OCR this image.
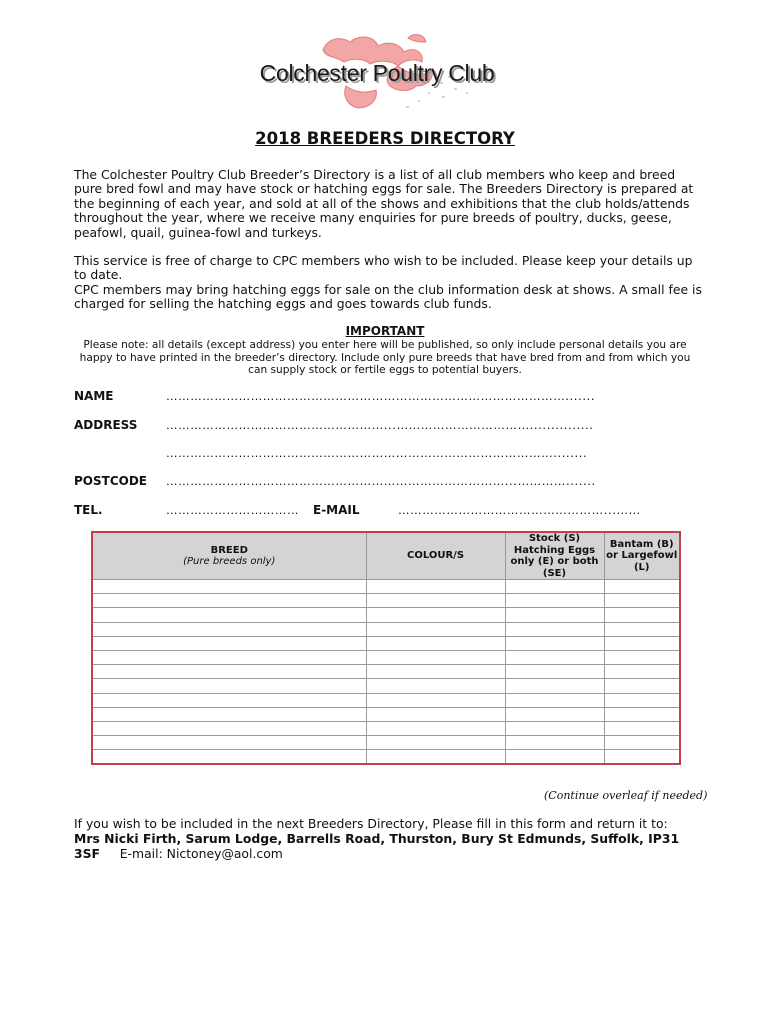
Colchester Poultry Club
2018 BREEDERS DIRECTORY

The Colchester Poultry Club Breeder’s Directory is a list of all club members who keep and breed pure bred fowl and may have stock or hatching eggs for sale. The Breeders Directory is prepared at the beginning of each year, and sold at all of the shows and exhibitions that the club holds/attends throughout the year, where we receive many enquiries for pure breeds of poultry, ducks, geese, peafowl, quail, guinea-fowl and turkeys.

This service is free of charge to CPC members who wish to be included. Please keep your details up to date.

CPC members may bring hatching eggs for sale on the club information desk at shows. A small fee is charged for selling the hatching eggs and goes towards club funds.

IMPORTANT

Please note: all details (except address) you enter here will be published, so only include personal details you are happy to have printed in the breeder’s directory. Include only pure breeds that have bred from and from which you can supply stock or fertile eggs to potential buyers.

NAME	……………………………………………………………………………………….......
ADDRESS ………………………………………………...……………………………...............
……………………………………………………………………………………........
POSTCODE …………………………………………………………………………...………….......
TEL.	……………………………	E-MAIL	……………………………………………...……
BREED
(Pure breeds only)	COLOUR/S	Stock (S) Hatching Eggs only (E) or both (SE)	Bantam (B) or Largefowl (L)

(Continue overleaf if needed)

If you wish to be included in the next Breeders Directory, Please fill in this form and return it to:
Mrs Nicki Firth, Sarum Lodge, Barrells Road, Thurston, Bury St Edmunds, Suffolk, IP31 3SF E-mail: Nictoney@aol.com
